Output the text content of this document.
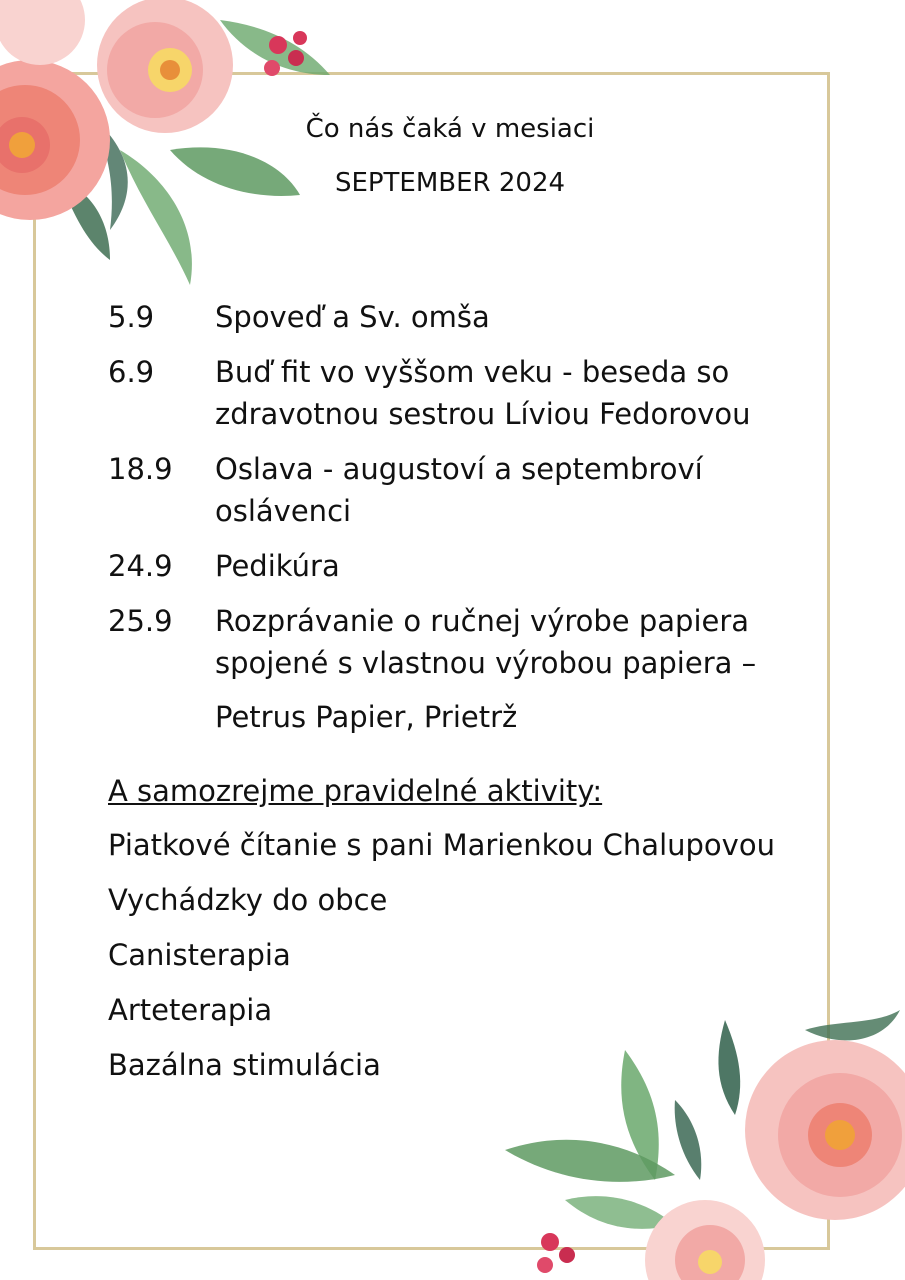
Čo nás čaká v mesiaci
SEPTEMBER 2024
5.9	Spoveď a Sv. omša
6.9	Buď fit vo vyššom veku - beseda so
zdravotnou sestrou Líviou Fedorovou
18.9	Oslava - augustoví a septembroví
oslávenci
24.9	Pedikúra
25.9	Rozprávanie o ručnej výrobe papiera
spojené s vlastnou výrobou papiera –
Petrus Papier, Prietrž
A samozrejme pravidelné aktivity:
Piatkové čítanie s pani Marienkou Chalupovou
Vychádzky do obce
Canisterapia
Arteterapia
Bazálna stimulácia
